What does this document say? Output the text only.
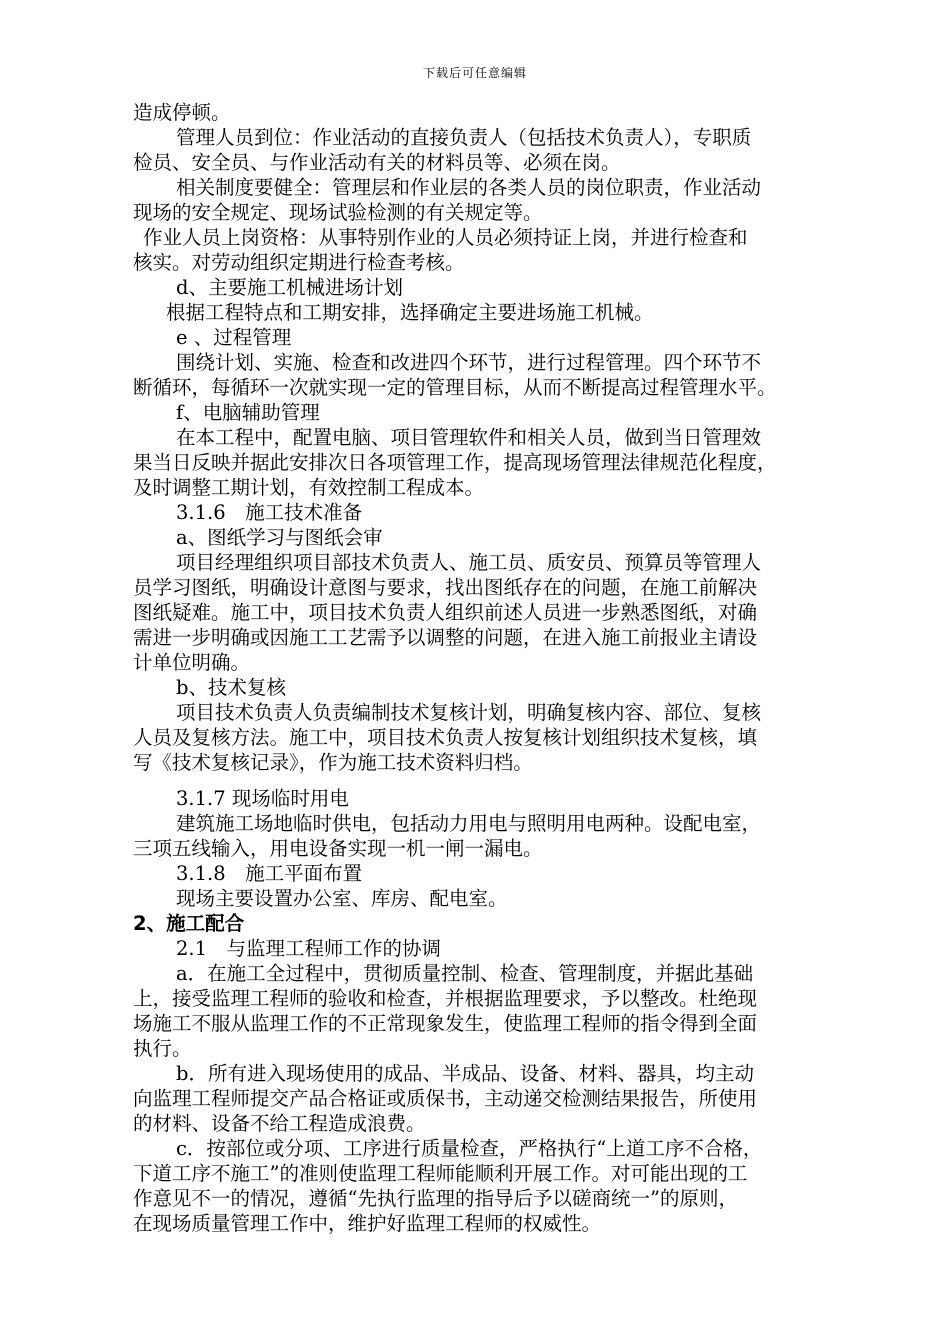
下载后可任意编辑
造成停顿。
管理人员到位：作业活动的直接负责人（包括技术负责人），专职质
检员、安全员、与作业活动有关的材料员等、必须在岗。
相关制度要健全：管理层和作业层的各类人员的岗位职责，作业活动
现场的安全规定、现场试验检测的有关规定等。
作业人员上岗资格：从事特别作业的人员必须持证上岗，并进行检查和
核实。对劳动组织定期进行检查考核。
d、主要施工机械进场计划
根据工程特点和工期安排，选择确定主要进场施工机械。
e 、过程管理
围绕计划、实施、检查和改进四个环节，进行过程管理。四个环节不
断循环，每循环一次就实现一定的管理目标，从而不断提高过程管理水平。
f、电脑辅助管理
在本工程中，配置电脑、项目管理软件和相关人员，做到当日管理效
果当日反映并据此安排次日各项管理工作，提高现场管理法律规范化程度，
及时调整工期计划，有效控制工程成本。
3.1.6　施工技术准备
a、图纸学习与图纸会审
项目经理组织项目部技术负责人、施工员、质安员、预算员等管理人
员学习图纸，明确设计意图与要求，找出图纸存在的问题，在施工前解决
图纸疑难。施工中，项目技术负责人组织前述人员进一步熟悉图纸，对确
需进一步明确或因施工工艺需予以调整的问题，在进入施工前报业主请设
计单位明确。
b、技术复核
项目技术负责人负责编制技术复核计划，明确复核内容、部位、复核
人员及复核方法。施工中，项目技术负责人按复核计划组织技术复核，填
写《技术复核记录》，作为施工技术资料归档。
3.1.7 现场临时用电
建筑施工场地临时供电，包括动力用电与照明用电两种。设配电室，
三项五线输入，用电设备实现一机一闸一漏电。
3.1.8　施工平面布置
现场主要设置办公室、库房、配电室。
2、施工配合
2.1　与监理工程师工作的协调
a．在施工全过程中，贯彻质量控制、检查、管理制度，并据此基础
上，接受监理工程师的验收和检查，并根据监理要求，予以整改。杜绝现
场施工不服从监理工作的不正常现象发生，使监理工程师的指令得到全面
执行。
b．所有进入现场使用的成品、半成品、设备、材料、器具，均主动
向监理工程师提交产品合格证或质保书，主动递交检测结果报告，所使用
的材料、设备不给工程造成浪费。
c．按部位或分项、工序进行质量检查，严格执行“上道工序不合格，
下道工序不施工”的准则使监理工程师能顺利开展工作。对可能出现的工
作意见不一的情况，遵循“先执行监理的指导后予以磋商统一”的原则，
在现场质量管理工作中，维护好监理工程师的权威性。
